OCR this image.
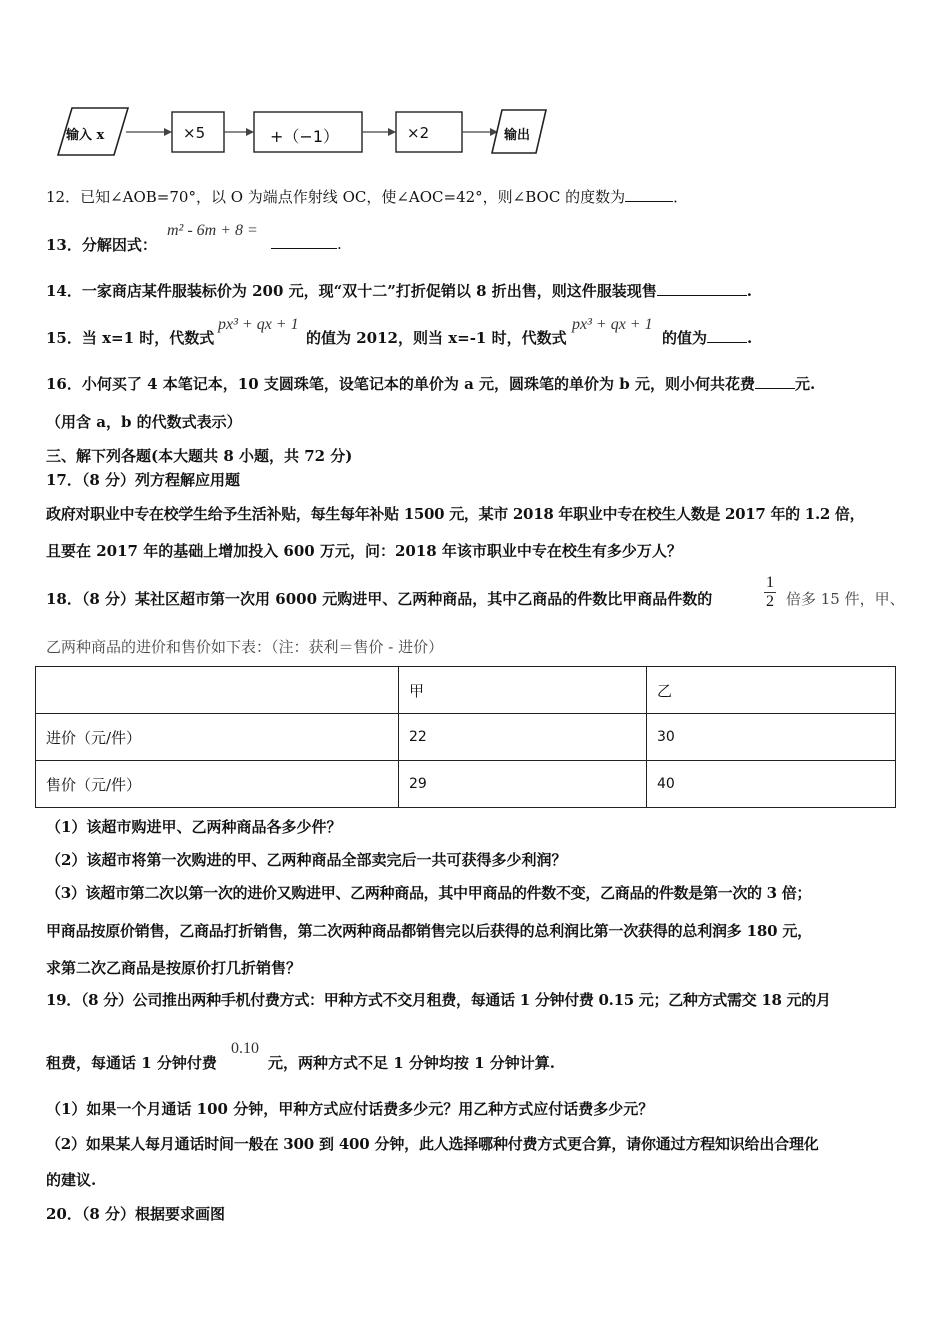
输入 x	×5	+（−1）	×2	输出
12．已知∠AOB=70°，以 O 为端点作射线 OC，使∠AOC=42°，则∠BOC 的度数为	．
13．分解因式：
m² - 6m + 8 =
.
14．一家商店某件服装标价为 200 元，现“双十二”打折促销以 8 折出售，则这件服装现售	.
15．当 x=1 时，代数式
px³ + qx + 1
的值为 2012，则当 x=-1 时，代数式
px³ + qx + 1
的值为	.
16．小何买了 4 本笔记本，10 支圆珠笔，设笔记本的单价为 a 元，圆珠笔的单价为 b 元，则小何共花费	元.
（用含 a，b 的代数式表示）
三、解下列各题(本大题共 8 小题，共 72 分)
17．（8 分）列方程解应用题
政府对职业中专在校学生给予生活补贴，每生每年补贴 1500 元，某市 2018 年职业中专在校生人数是 2017 年的 1.2 倍，
且要在 2017 年的基础上增加投入 600 万元，问：2018 年该市职业中专在校生有多少万人？
18．（8 分）某社区超市第一次用 6000 元购进甲、乙两种商品，其中乙商品的件数比甲商品件数的	$\frac{1}{2}$ 倍多 15 件，甲、
乙两种商品的进价和售价如下表：（注：获利＝售价 - 进价）
	甲	乙
进价（元/件）	22	30
售价（元/件）	29	40
（1）该超市购进甲、乙两种商品各多少件？
（2）该超市将第一次购进的甲、乙两种商品全部卖完后一共可获得多少利润？
（3）该超市第二次以第一次的进价又购进甲、乙两种商品，其中甲商品的件数不变，乙商品的件数是第一次的 3 倍；
甲商品按原价销售，乙商品打折销售，第二次两种商品都销售完以后获得的总利润比第一次获得的总利润多 180 元，
求第二次乙商品是按原价打几折销售？
19．（8 分）公司推出两种手机付费方式：甲种方式不交月租费，每通话 1 分钟付费 0.15 元；乙种方式需交 18 元的月
租费，每通话 1 分钟付费
0.10
元，两种方式不足 1 分钟均按 1 分钟计算.
（1）如果一个月通话 100 分钟，甲种方式应付话费多少元？用乙种方式应付话费多少元？
（2）如果某人每月通话时间一般在 300 到 400 分钟，此人选择哪种付费方式更合算，请你通过方程知识给出合理化
的建议.
20．（8 分）根据要求画图
